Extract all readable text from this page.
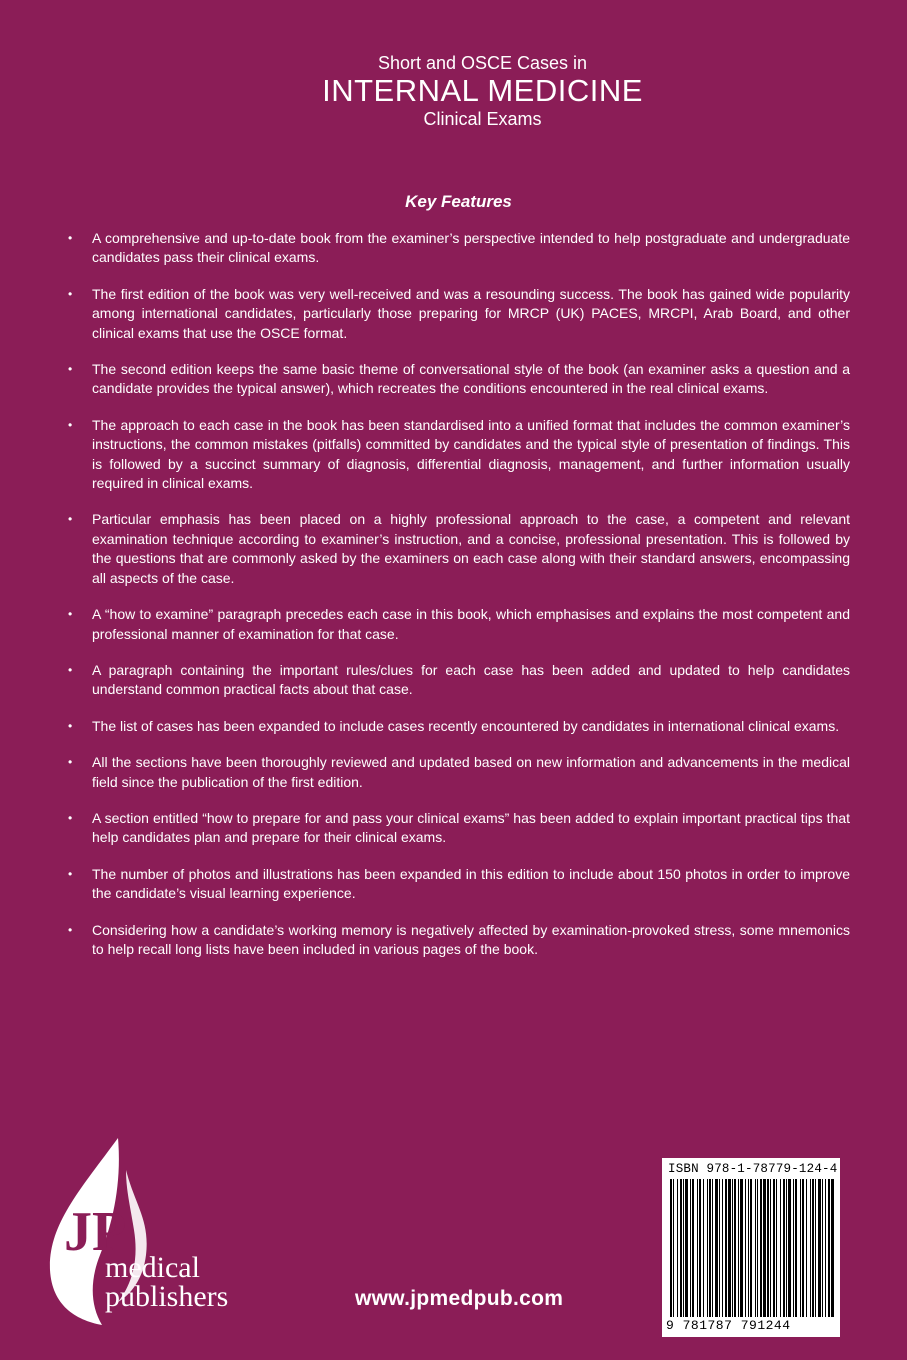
Short and OSCE Cases in
INTERNAL MEDICINE
Clinical Exams
Key Features
• A comprehensive and up-to-date book from the examiner’s perspective intended to help postgraduate and undergraduate candidates pass their clinical exams.
• The first edition of the book was very well-received and was a resounding success. The book has gained wide popularity among international candidates, particularly those preparing for MRCP (UK) PACES, MRCPI, Arab Board, and other clinical exams that use the OSCE format.
• The second edition keeps the same basic theme of conversational style of the book (an examiner asks a question and a candidate provides the typical answer), which recreates the conditions encountered in the real clinical exams.
• The approach to each case in the book has been standardised into a unified format that includes the common examiner’s instructions, the common mistakes (pitfalls) committed by candidates and the typical style of presentation of findings. This is followed by a succinct summary of diagnosis, differential diagnosis, management, and further information usually required in clinical exams.
• Particular emphasis has been placed on a highly professional approach to the case, a competent and relevant examination technique according to examiner’s instruction, and a concise, professional presentation. This is followed by the questions that are commonly asked by the examiners on each case along with their standard answers, encompassing all aspects of the case.
• A “how to examine” paragraph precedes each case in this book, which emphasises and explains the most competent and professional manner of examination for that case.
• A paragraph containing the important rules/clues for each case has been added and updated to help candidates understand common practical facts about that case.
• The list of cases has been expanded to include cases recently encountered by candidates in international clinical exams.
• All the sections have been thoroughly reviewed and updated based on new information and advancements in the medical field since the publication of the first edition.
• A section entitled “how to prepare for and pass your clinical exams” has been added to explain important practical tips that help candidates plan and prepare for their clinical exams.
• The number of photos and illustrations has been expanded in this edition to include about 150 photos in order to improve the candidate’s visual learning experience.
• Considering how a candidate’s working memory is negatively affected by examination-provoked stress, some mnemonics to help recall long lists have been included in various pages of the book.
JP
medical
publishers	www.jpmedpub.com
ISBN 978-1-78779-124-4
9 781787 791244
